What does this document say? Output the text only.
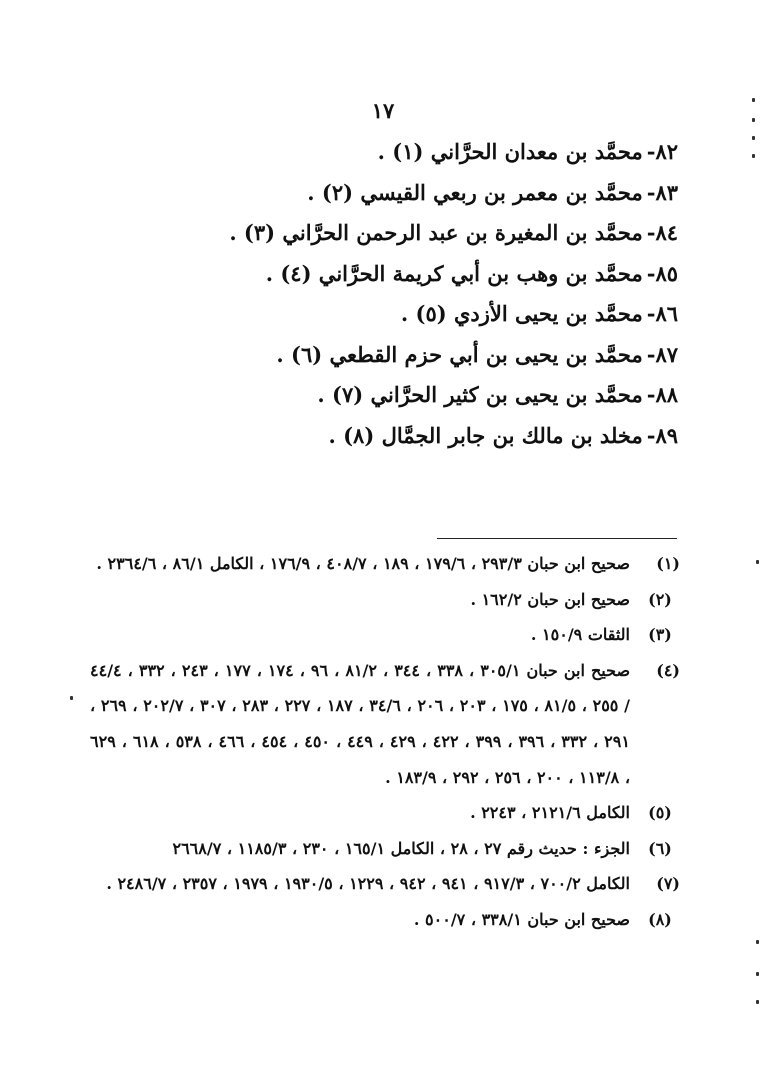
١٧
٨٢-محمَّد بن معدان الحرَّاني (١) .
٨٣-محمَّد بن معمر بن ربعي القيسي (٢) .
٨٤-محمَّد بن المغيرة بن عبد الرحمن الحرَّاني (٣) .
٨٥-محمَّد بن وهب بن أبي كريمة الحرَّاني (٤) .
٨٦-محمَّد بن يحيى الأزدي (٥) .
٨٧-محمَّد بن يحيى بن أبي حزم القطعي (٦) .
٨٨-محمَّد بن يحيى بن كثير الحرَّاني (٧) .
٨٩-مخلد بن مالك بن جابر الجمَّال (٨) .
(١)
صحيح ابن حبان ٢٩٣/٣ ، ١٧٩/٦ ، ١٨٩ ، ٤٠٨/٧ ، ١٧٦/٩ ، الكامل ٨٦/١ ، ٢٣٦٤/٦ .
(٢)
صحيح ابن حبان ١٦٢/٢ .
(٣)
الثقات ١٥٠/٩ .
(٤)
صحيح ابن حبان ٣٠٥/١ ، ٣٣٨ ، ٣٤٤ ، ٨١/٢ ، ٩٦ ، ١٧٤ ، ١٧٧ ، ٢٤٣ ، ٣٣٢ ، ٤٤/٤ / ٢٥٥ ، ٨١/٥ ، ١٧٥ ، ٢٠٣ ، ٢٠٦ ، ٣٤/٦ ، ١٨٧ ، ٢٢٧ ، ٢٨٣ ، ٣٠٧ ، ٢٠٢/٧ ، ٢٦٩ ، ٢٩١ ، ٣٣٢ ، ٣٩٦ ، ٣٩٩ ، ٤٢٢ ، ٤٢٩ ، ٤٤٩ ، ٤٥٠ ، ٤٥٤ ، ٤٦٦ ، ٥٣٨ ، ٦١٨ ، ٦٢٩ ، ١١٣/٨ ، ٢٠٠ ، ٢٥٦ ، ٢٩٢ ، ١٨٣/٩ .
(٥)
الكامل ٢١٢١/٦ ، ٢٢٤٣ .
(٦)
الجزء : حديث رقم ٢٧ ، ٢٨ ، الكامل ١٦٥/١ ، ٢٣٠ ، ١١٨٥/٣ ، ٢٦٦٨/٧
(٧)
الكامل ٧٠٠/٢ ، ٩١٧/٣ ، ٩٤١ ، ٩٤٢ ، ١٢٢٩ ، ١٩٣٠/٥ ، ١٩٧٩ ، ٢٣٥٧ ، ٢٤٨٦/٧ .
(٨)
صحيح ابن حبان ٣٣٨/١ ، ٥٠٠/٧ .
